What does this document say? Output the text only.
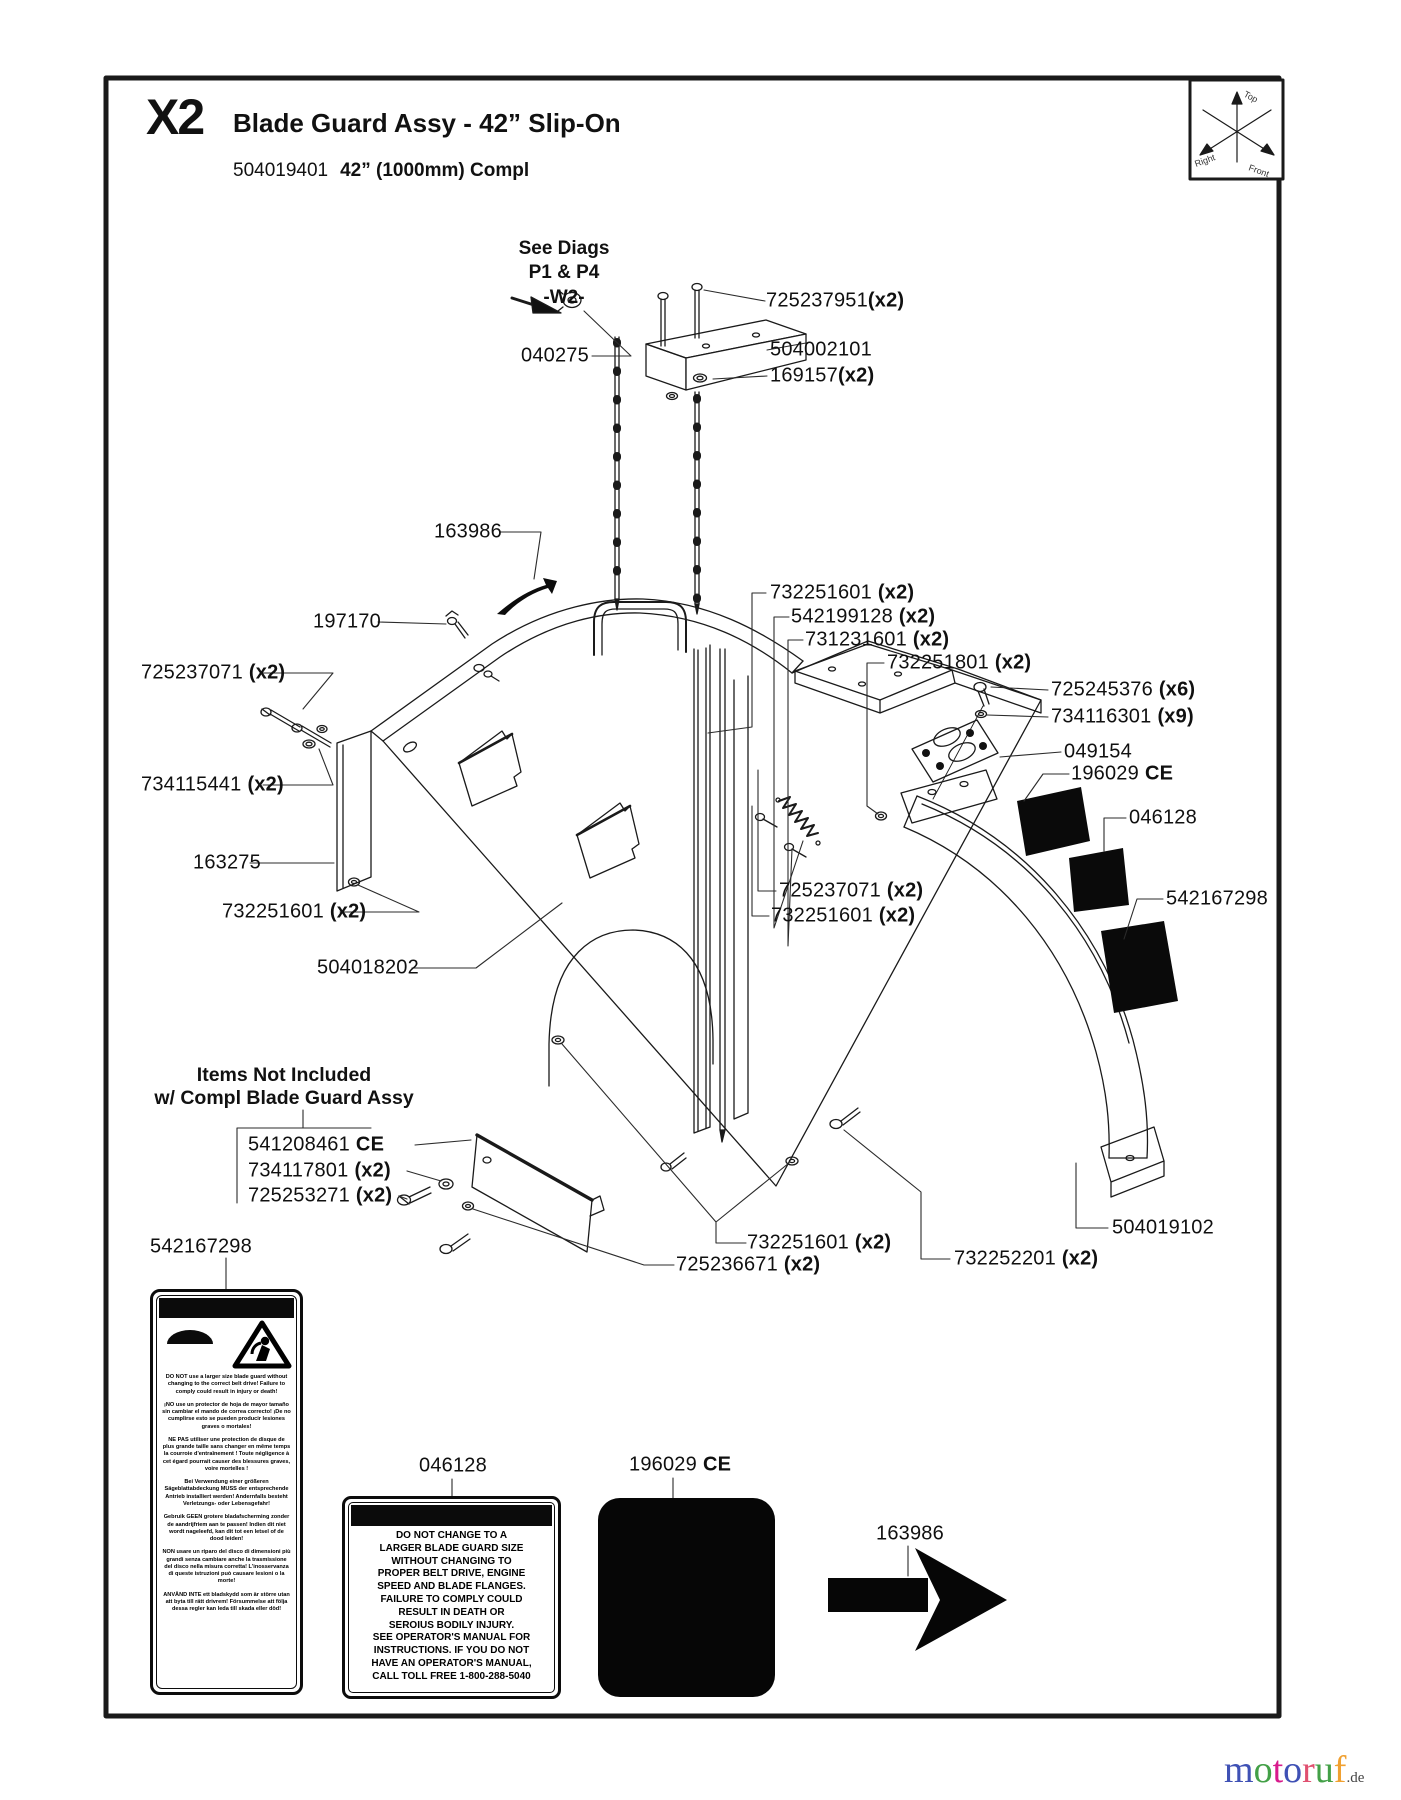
Top
Right
Front
X2 Blade Guard Assy - 42” Slip-On
504019401 42” (1000mm) Compl
See Diags
P1 & P4
-W2-	725237951(x2)
040275	504002101
169157(x2)
163986
197170
725237071 (x2)
734115441 (x2)
163275
732251601 (x2)
504018202
732251601 (x2)
542199128 (x2)
731231601 (x2)
732251801 (x2)
725245376 (x6)
734116301 (x9)
049154
196029 CE
046128
542167298
725237071 (x2)
732251601 (x2)
732251601 (x2)
725236671 (x2)	732252201 (x2)
504019102
542167298
046128	196029 CE
163986
541208461 CE
734117801 (x2)
725253271 (x2)
Items Not Included
w/ Compl Blade Guard Assy

DO NOT use a larger size blade guard without changing to the correct belt drive! Failure to comply could result in injury or death!

¡NO use un protector de hoja de mayor tamaño sin cambiar el mando de correa correcto! ¡De no cumplirse esto se pueden producir lesiones graves o mortales!

NE PAS utiliser une protection de disque de plus grande taille sans changer en même temps la courroie d'entraînement ! Toute négligence à cet égard pourrait causer des blessures graves, voire mortelles !

Bei Verwendung einer größeren Sägeblattabdeckung MUSS der entsprechende Antrieb installiert werden! Andernfalls besteht Verletzungs- oder Lebensgefahr!

Gebruik GEEN grotere bladafscherming zonder de aandrijfriem aan te passen! Indien dit niet wordt nageleefd, kan dit tot een letsel of de dood leiden!

NON usare un riparo del disco di dimensioni più grandi senza cambiare anche la trasmissione del disco nella misura corretta! L'inosservanza di queste istruzioni può causare lesioni o la morte!

ANVÄND INTE ett bladskydd som är större utan att byta till rätt drivrem! Försummelse att följa dessa regler kan leda till skada eller död!

DO NOT CHANGE TO A
LARGER BLADE GUARD SIZE
WITHOUT CHANGING TO
PROPER BELT DRIVE, ENGINE
SPEED AND BLADE FLANGES.
FAILURE TO COMPLY COULD
RESULT IN DEATH OR
SEROIUS BODILY INJURY.
SEE OPERATOR'S MANUAL FOR
INSTRUCTIONS. IF YOU DO NOT
HAVE AN OPERATOR'S MANUAL,
CALL TOLL FREE 1-800-288-5040
motoruf.de
